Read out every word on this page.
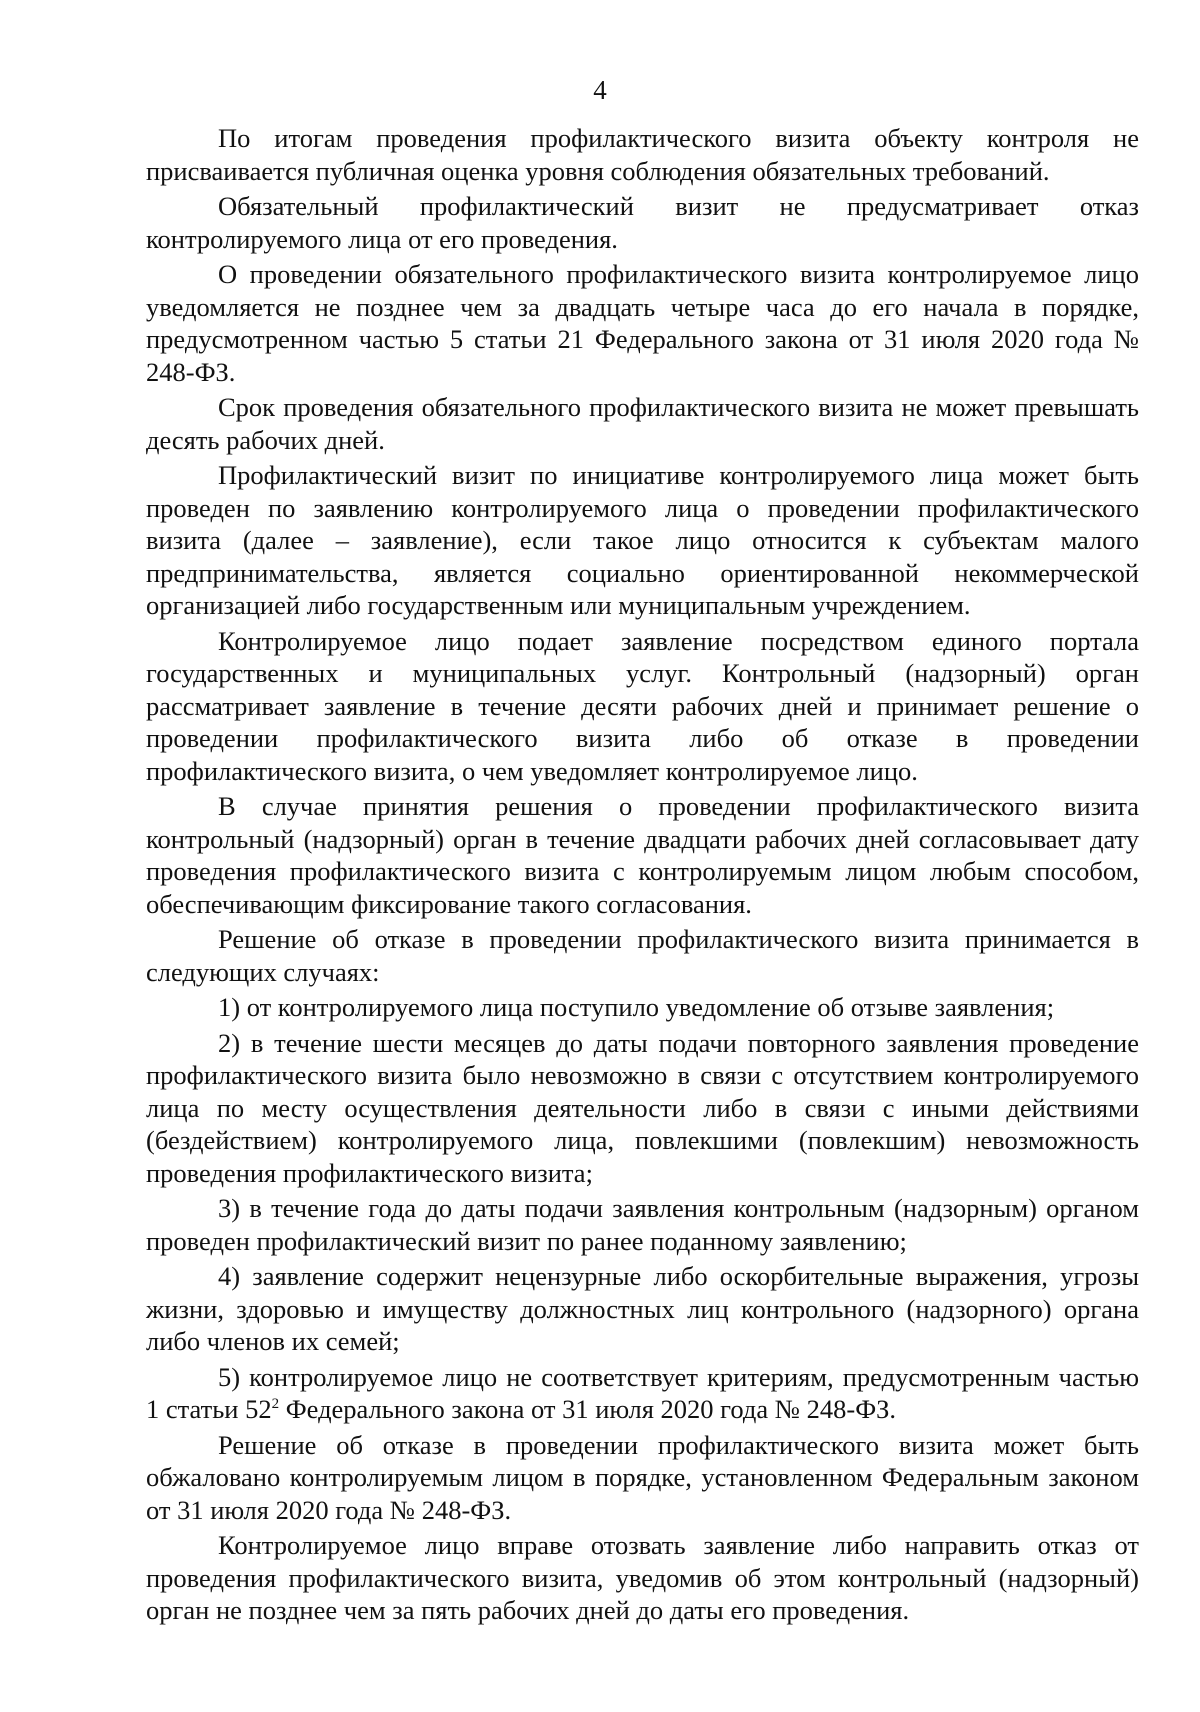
4

По итогам проведения профилактического визита объекту контроля не присваивается публичная оценка уровня соблюдения обязательных требований.

Обязательный профилактический визит не предусматривает отказ контролируемого лица от его проведения.

О проведении обязательного профилактического визита контролируемое лицо уведомляется не позднее чем за двадцать четыре часа до его начала в порядке, предусмотренном частью 5 статьи 21 Федерального закона от 31 июля 2020 года № 248-ФЗ.

Срок проведения обязательного профилактического визита не может превышать десять рабочих дней.

Профилактический визит по инициативе контролируемого лица может быть проведен по заявлению контролируемого лица о проведении профилактического визита (далее – заявление), если такое лицо относится к субъектам малого предпринимательства, является социально ориентированной некоммерческой организацией либо государственным или муниципальным учреждением.

Контролируемое лицо подает заявление посредством единого портала государственных и муниципальных услуг. Контрольный (надзорный) орган рассматривает заявление в течение десяти рабочих дней и принимает решение о проведении профилактического визита либо об отказе в проведении профилактического визита, о чем уведомляет контролируемое лицо.

В случае принятия решения о проведении профилактического визита контрольный (надзорный) орган в течение двадцати рабочих дней согласовывает дату проведения профилактического визита с контролируемым лицом любым способом, обеспечивающим фиксирование такого согласования.

Решение об отказе в проведении профилактического визита принимается в следующих случаях:

1) от контролируемого лица поступило уведомление об отзыве заявления;

2) в течение шести месяцев до даты подачи повторного заявления проведение профилактического визита было невозможно в связи с отсутствием контролируемого лица по месту осуществления деятельности либо в связи с иными действиями (бездействием) контролируемого лица, повлекшими (повлекшим) невозможность проведения профилактического визита;

3) в течение года до даты подачи заявления контрольным (надзорным) органом проведен профилактический визит по ранее поданному заявлению;

4) заявление содержит нецензурные либо оскорбительные выражения, угрозы жизни, здоровью и имуществу должностных лиц контрольного (надзорного) органа либо членов их семей;

5) контролируемое лицо не соответствует критериям, предусмотренным частью 1 статьи $52^2$ Федерального закона от 31 июля 2020 года № 248-ФЗ.

Решение об отказе в проведении профилактического визита может быть обжаловано контролируемым лицом в порядке, установленном Федеральным законом от 31 июля 2020 года № 248-ФЗ.

Контролируемое лицо вправе отозвать заявление либо направить отказ от проведения профилактического визита, уведомив об этом контрольный (надзорный) орган не позднее чем за пять рабочих дней до даты его проведения.
